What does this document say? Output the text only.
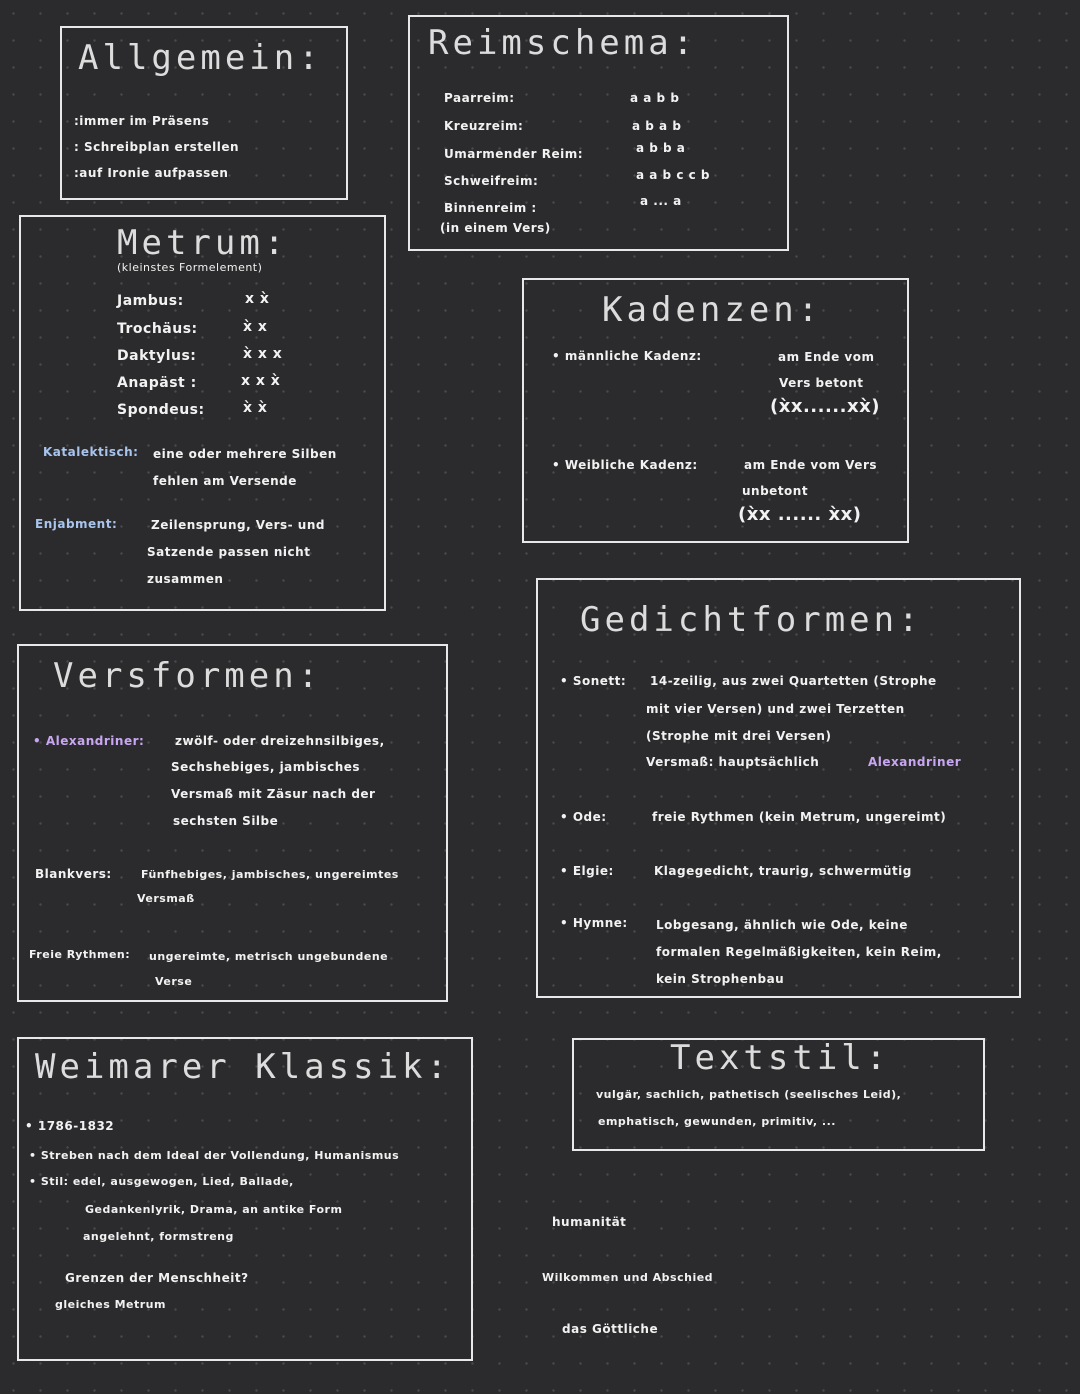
Allgemein:
:immer im Präsens
: Schreibplan erstellen
:auf Ironie aufpassen
Reimschema:
Paarreim:	a a b b
Kreuzreim:	a b a b
Umarmender Reim:	a b b a
Schweifreim:	a a b c c b
Binnenreim :	a ... a
(in einem Vers)
Metrum:
(kleinstes Formelement)
Jambus:	x x̀
Trochäus:	x̀ x
Daktylus:	x̀ x x
Anapäst :	x x x̀
Spondeus:	x̀ x̀
Katalektisch: eine oder mehrere Silben
fehlen am Versende
Enjabment:	Zeilensprung, Vers- und
Satzende passen nicht
zusammen
Kadenzen:
• männliche Kadenz:	am Ende vom
Vers betont
(x̀x......xx̀)
• Weibliche Kadenz:	am Ende vom Vers
unbetont
(x̀x ...... x̀x)
Gedichtformen:
• Sonett: 14-zeilig, aus zwei Quartetten (Strophe
mit vier Versen) und zwei Terzetten
(Strophe mit drei Versen)
Versmaß: hauptsächlich	Alexandriner
• Ode:	freie Rythmen (kein Metrum, ungereimt)
• Elgie:	Klagegedicht, traurig, schwermütig
• Hymne: Lobgesang, ähnlich wie Ode, keine
formalen Regelmäßigkeiten, kein Reim,
kein Strophenbau
Versformen:
• Alexandriner:	zwölf- oder dreizehnsilbiges,
Sechshebiges, jambisches
Versmaß mit Zäsur nach der
sechsten Silbe
Blankvers:	Fünfhebiges, jambisches, ungereimtes
Versmaß
Freie Rythmen: ungereimte, metrisch ungebundene
Verse
Textstil:
vulgär, sachlich, pathetisch (seelisches Leid),
emphatisch, gewunden, primitiv, ...
Weimarer Klassik:
• 1786-1832
• Streben nach dem Ideal der Vollendung, Humanismus
• Stil: edel, ausgewogen, Lied, Ballade,
Gedankenlyrik, Drama, an antike Form
angelehnt, formstreng
Grenzen der Menschheit?
gleiches Metrum
humanität
Wilkommen und Abschied
das Göttliche
